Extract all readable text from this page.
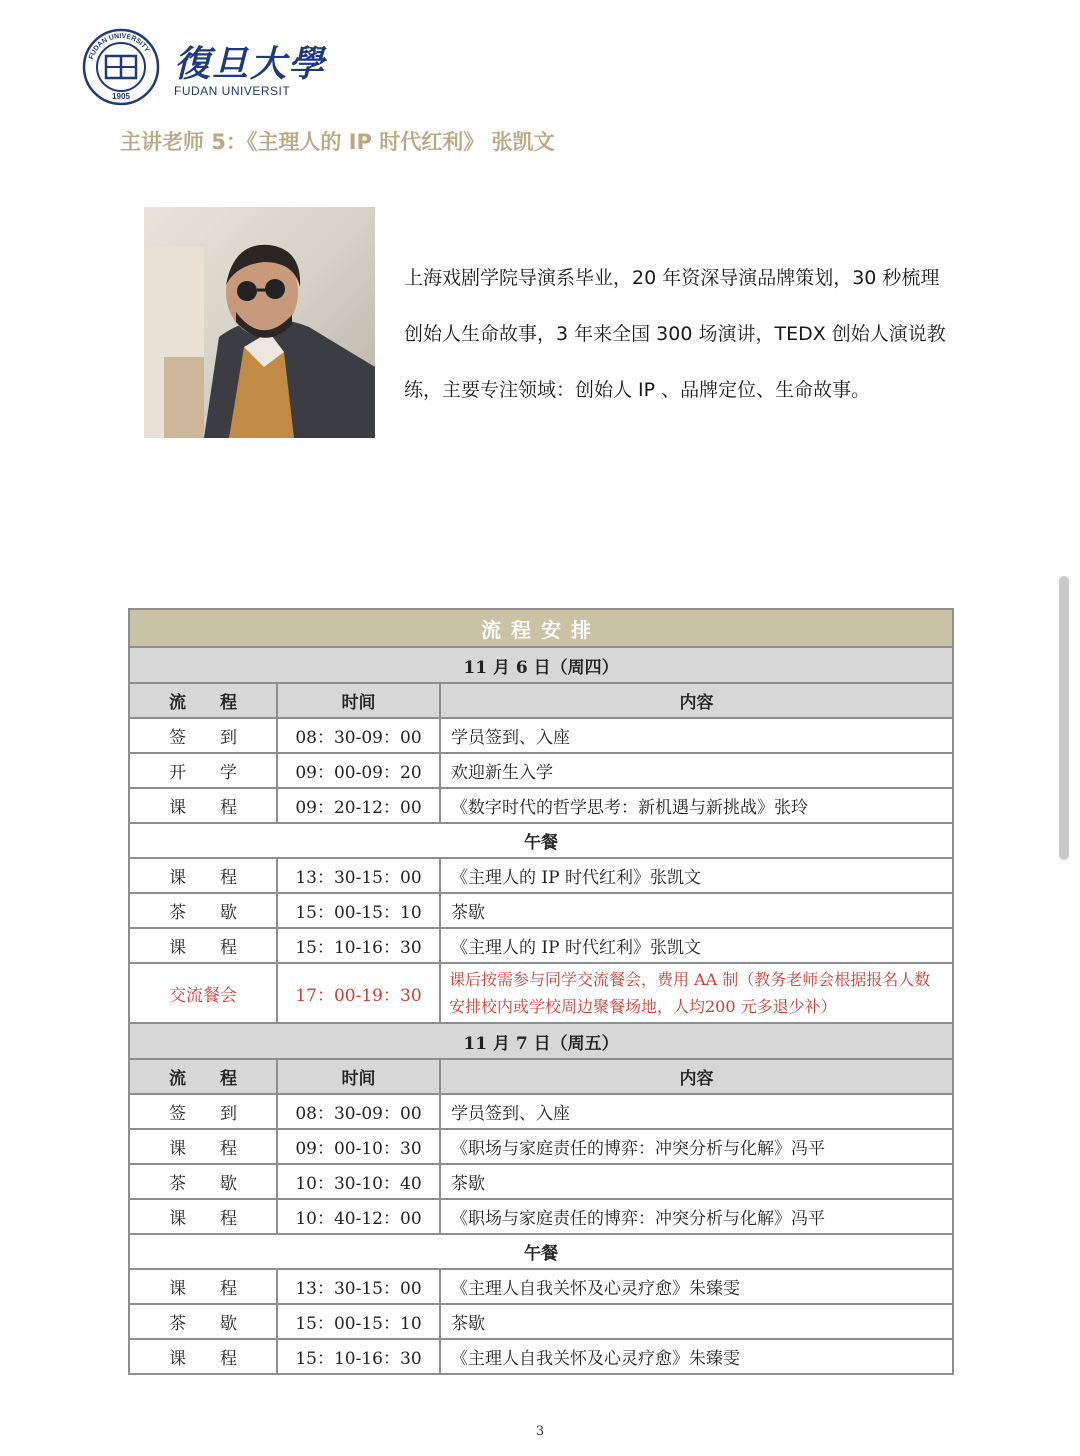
FUDAN UNIVERSITY
1905
復旦大學
FUDAN UNIVERSIT
主讲老师 5：《主理人的 IP 时代红利》 张凯文

上海戏剧学院导演系毕业，20 年资深导演品牌策划，30 秒梳理

创始人生命故事，3 年来全国 300 场演讲，TEDX 创始人演说教

练，主要专注领域：创始人 IP 、品牌定位、生命故事。

流程安排		
11 月 6 日（周四）		
流　　程	时间	内容
签　　到	08：30-09：00	学员签到、入座
开　　学	09：00-09：20	欢迎新生入学
课　　程	09：20-12：00	《数字时代的哲学思考：新机遇与新挑战》张玲
午餐		
课　　程	13：30-15：00	《主理人的 IP 时代红利》张凯文
茶　　歇	15：00-15：10	茶歇
课　　程	15：10-16：30	《主理人的 IP 时代红利》张凯文
交流餐会	17：00-19：30	课后按需参与同学交流餐会，费用 AA 制（教务老师会根据报名人数安排校内或学校周边聚餐场地，人均200 元多退少补）
11 月 7 日（周五）		
流　　程	时间	内容
签　　到	08：30-09：00	学员签到、入座
课　　程	09：00-10：30	《职场与家庭责任的博弈：冲突分析与化解》冯平
茶　　歇	10：30-10：40	茶歇
课　　程	10：40-12：00	《职场与家庭责任的博弈：冲突分析与化解》冯平
午餐		
课　　程	13：30-15：00	《主理人自我关怀及心灵疗愈》朱臻雯
茶　　歇	15：00-15：10	茶歇
课　　程	15：10-16：30	《主理人自我关怀及心灵疗愈》朱臻雯
3
